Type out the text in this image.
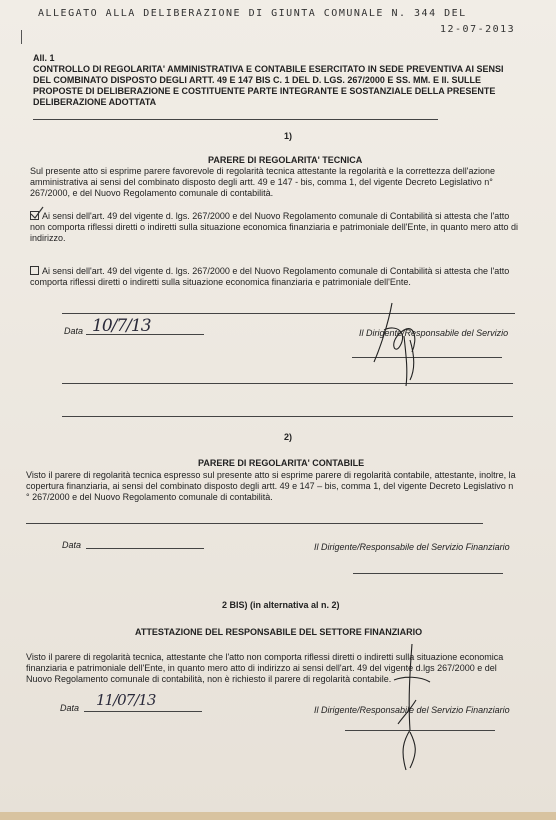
ALLEGATO ALLA DELIBERAZIONE DI GIUNTA COMUNALE N. 344 DEL
12-07-2013
All. 1
CONTROLLO DI REGOLARITA' AMMINISTRATIVA E CONTABILE ESERCITATO IN SEDE PREVENTIVA AI SENSI
DEL COMBINATO DISPOSTO DEGLI ARTT. 49 E 147 BIS C. 1 DEL D. LGS. 267/2000 E SS. MM. E II. SULLE
PROPOSTE DI DELIBERAZIONE E COSTITUENTE PARTE INTEGRANTE E SOSTANZIALE DELLA PRESENTE
DELIBERAZIONE ADOTTATA
1)
PARERE DI REGOLARITA' TECNICA
Sul presente atto si esprime parere favorevole di regolarità tecnica attestante la regolarità e la correttezza dell'azione
amministrativa ai sensi del combinato disposto degli artt. 49 e 147 - bis, comma 1, del vigente Decreto Legislativo n°
267/2000, e del Nuovo Regolamento comunale di contabilità.
Ai sensi dell'art. 49 del vigente d. lgs. 267/2000 e del Nuovo Regolamento comunale di Contabilità si attesta che l'atto
non comporta riflessi diretti o indiretti sulla situazione economica finanziaria e patrimoniale dell'Ente, in quanto mero atto di
indirizzo.
Ai sensi dell'art. 49 del vigente d. lgs. 267/2000 e del Nuovo Regolamento comunale di Contabilità si attesta che l'atto
comporta riflessi diretti o indiretti sulla situazione economica finanziaria e patrimoniale dell'Ente.
Data 10/7/13	Il Dirigente/Responsabile del Servizio
2)
PARERE DI REGOLARITA' CONTABILE
Visto il parere di regolarità tecnica espresso sul presente atto si esprime parere di regolarità contabile, attestante, inoltre, la
copertura finanziaria, ai sensi del combinato disposto degli artt. 49 e 147 – bis, comma 1, del vigente Decreto Legislativo n
° 267/2000 e del Nuovo Regolamento comunale di contabilità.
Data	Il Dirigente/Responsabile del Servizio Finanziario
2 BIS) (in alternativa al n. 2)
ATTESTAZIONE DEL RESPONSABILE DEL SETTORE FINANZIARIO
Visto il parere di regolarità tecnica, attestante che l'atto non comporta riflessi diretti o indiretti sulla situazione economica
finanziaria e patrimoniale dell'Ente, in quanto mero atto di indirizzo ai sensi dell'art. 49 del vigente d.lgs 267/2000 e del
Nuovo Regolamento comunale di contabilità, non è richiesto il parere di regolarità contabile.
Data 11/07/13
Il Dirigente/Responsabile del Servizio Finanziario
